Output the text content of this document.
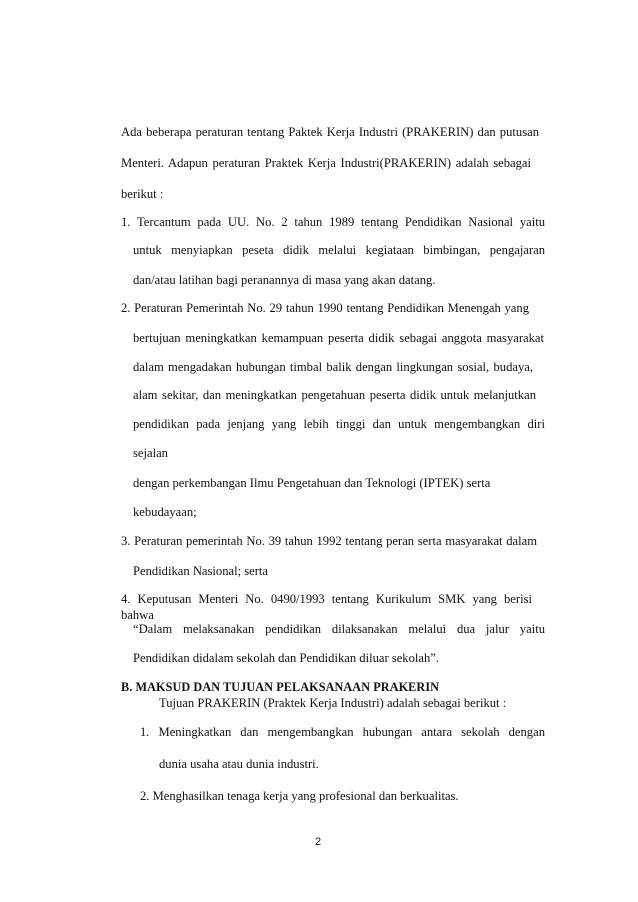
Ada beberapa peraturan tentang Paktek Kerja Industri (PRAKERIN) dan putusan
Menteri. Adapun peraturan Praktek Kerja Industri(PRAKERIN) adalah sebagai
berikut :
1. Tercantum pada UU. No. 2 tahun 1989 tentang Pendidikan Nasional yaitu
untuk menyiapkan peseta didik melalui kegiataan bimbingan, pengajaran
dan/atau latihan bagi peranannya di masa yang akan datang.
2. Peraturan Pemerintah No. 29 tahun 1990 tentang Pendidikan Menengah yang
bertujuan meningkatkan kemampuan peserta didik sebagai anggota masyarakat
dalam mengadakan hubungan timbal balik dengan lingkungan sosial, budaya,
alam sekitar, dan meningkatkan pengetahuan peserta didik untuk melanjutkan
pendidikan pada jenjang yang lebih tinggi dan untuk mengembangkan diri
sejalan
dengan perkembangan Ilmu Pengetahuan dan Teknologi (IPTEK) serta
kebudayaan;
3. Peraturan pemerintah No. 39 tahun 1992 tentang peran serta masyarakat dalam
Pendidikan Nasional; serta
4. Keputusan Menteri No. 0490/1993 tentang Kurikulum SMK yang berisi bahwa
“Dalam melaksanakan pendidikan dilaksanakan melalui dua jalur yaitu
Pendidikan didalam sekolah dan Pendidikan diluar sekolah”.
B. MAKSUD DAN TUJUAN PELAKSANAAN PRAKERIN
Tujuan PRAKERIN (Praktek Kerja Industri) adalah sebagai berikut :
1. Meningkatkan dan mengembangkan hubungan antara sekolah dengan
dunia usaha atau dunia industri.
2. Menghasilkan tenaga kerja yang profesional dan berkualitas.
2
